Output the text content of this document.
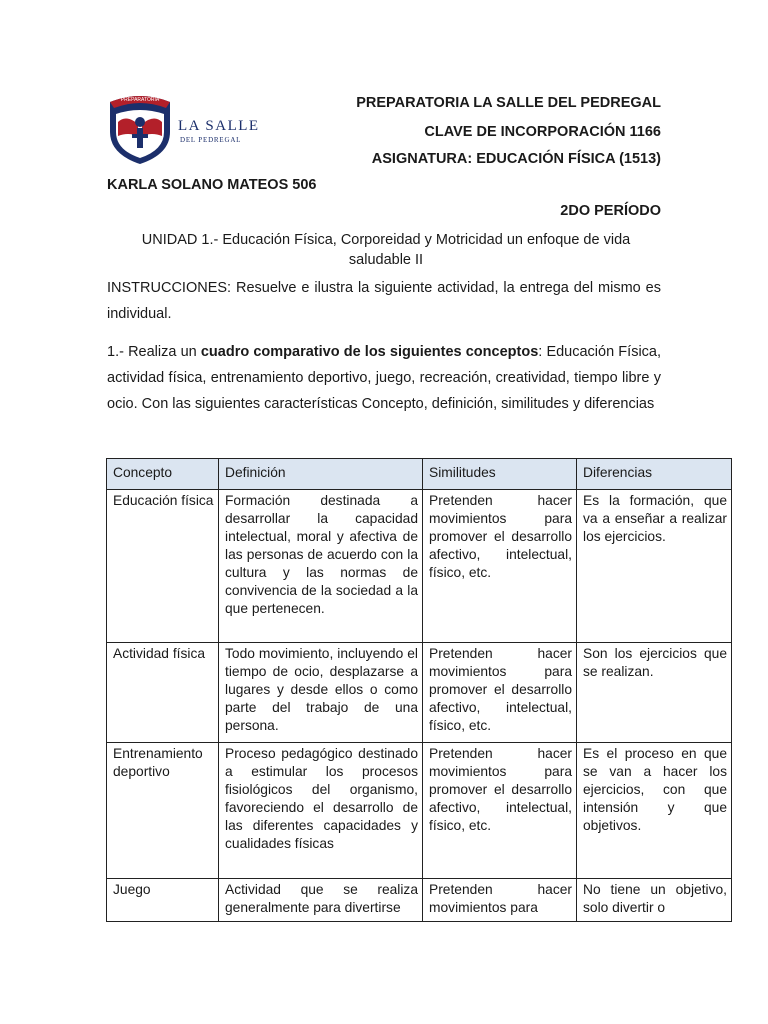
PREPARATORIA
LA SALLE
DEL PEDREGAL
PREPARATORIA LA SALLE DEL PEDREGAL
CLAVE DE INCORPORACIÓN 1166
ASIGNATURA: EDUCACIÓN FÍSICA (1513)
KARLA SOLANO MATEOS 506
2DO PERÍODO
UNIDAD 1.- Educación Física, Corporeidad y Motricidad un enfoque de vida saludable II
INSTRUCCIONES: Resuelve e ilustra la siguiente actividad, la entrega del mismo es individual.
1.- Realiza un cuadro comparativo de los siguientes conceptos: Educación Física, actividad física, entrenamiento deportivo, juego, recreación, creatividad, tiempo libre y ocio. Con las siguientes características Concepto, definición, similitudes y diferencias
Concepto	Definición	Similitudes	Diferencias
Educación física	Formación destinada a desarrollar la capacidad intelectual, moral y afectiva de las personas de acuerdo con la cultura y las normas de convivencia de la sociedad a la que pertenecen.	Pretenden hacer movimientos para promover el desarrollo afectivo, intelectual, físico, etc.	Es la formación, que va a enseñar a realizar los ejercicios.
Actividad física	Todo movimiento, incluyendo el tiempo de ocio, desplazarse a lugares y desde ellos o como parte del trabajo de una persona.	Pretenden hacer movimientos para promover el desarrollo afectivo, intelectual, físico, etc.	Son los ejercicios que se realizan.
Entrenamiento deportivo	Proceso pedagógico destinado a estimular los procesos fisiológicos del organismo, favoreciendo el desarrollo de las diferentes capacidades y cualidades físicas	Pretenden hacer movimientos para promover el desarrollo afectivo, intelectual, físico, etc.	Es el proceso en que se van a hacer los ejercicios, con que intensión y que objetivos.
Juego	Actividad que se realiza generalmente para divertirse	Pretenden hacer movimientos para	No tiene un objetivo, solo divertir o
